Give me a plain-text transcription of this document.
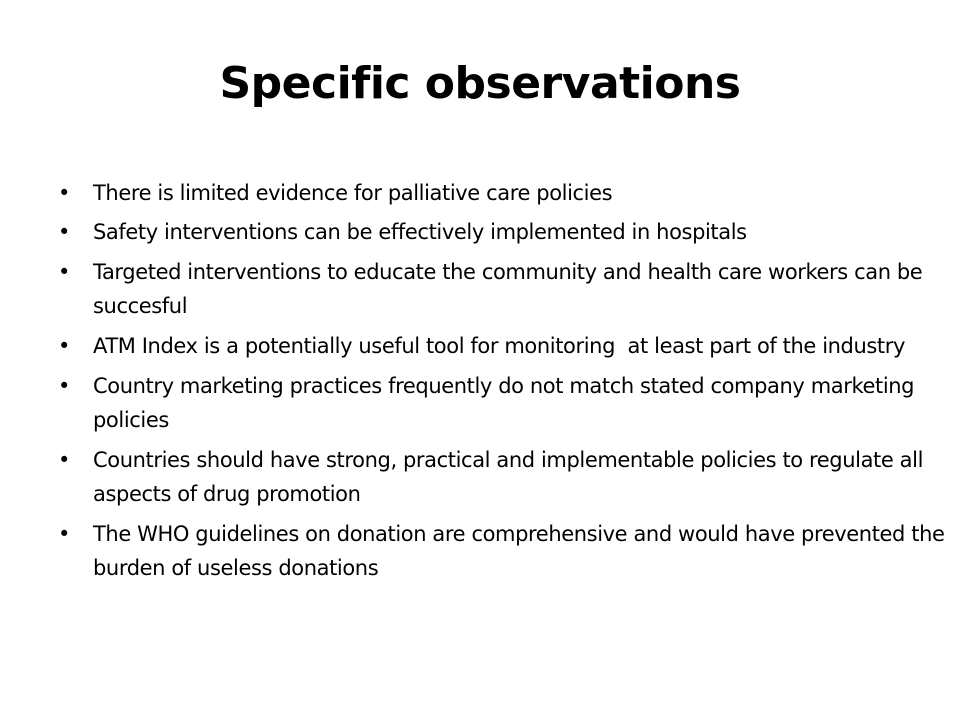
Specific observations
•	There is limited evidence for palliative care policies
•	Safety interventions can be effectively implemented in hospitals
•	Targeted interventions to educate the community and health care workers can be succesful
•	ATM Index is a potentially useful tool for monitoring  at least part of the industry
•	Country marketing practices frequently do not match stated company marketing policies
•	Countries should have strong, practical and implementable policies to regulate all aspects of drug promotion
•	The WHO guidelines on donation are comprehensive and would have prevented the burden of useless donations
